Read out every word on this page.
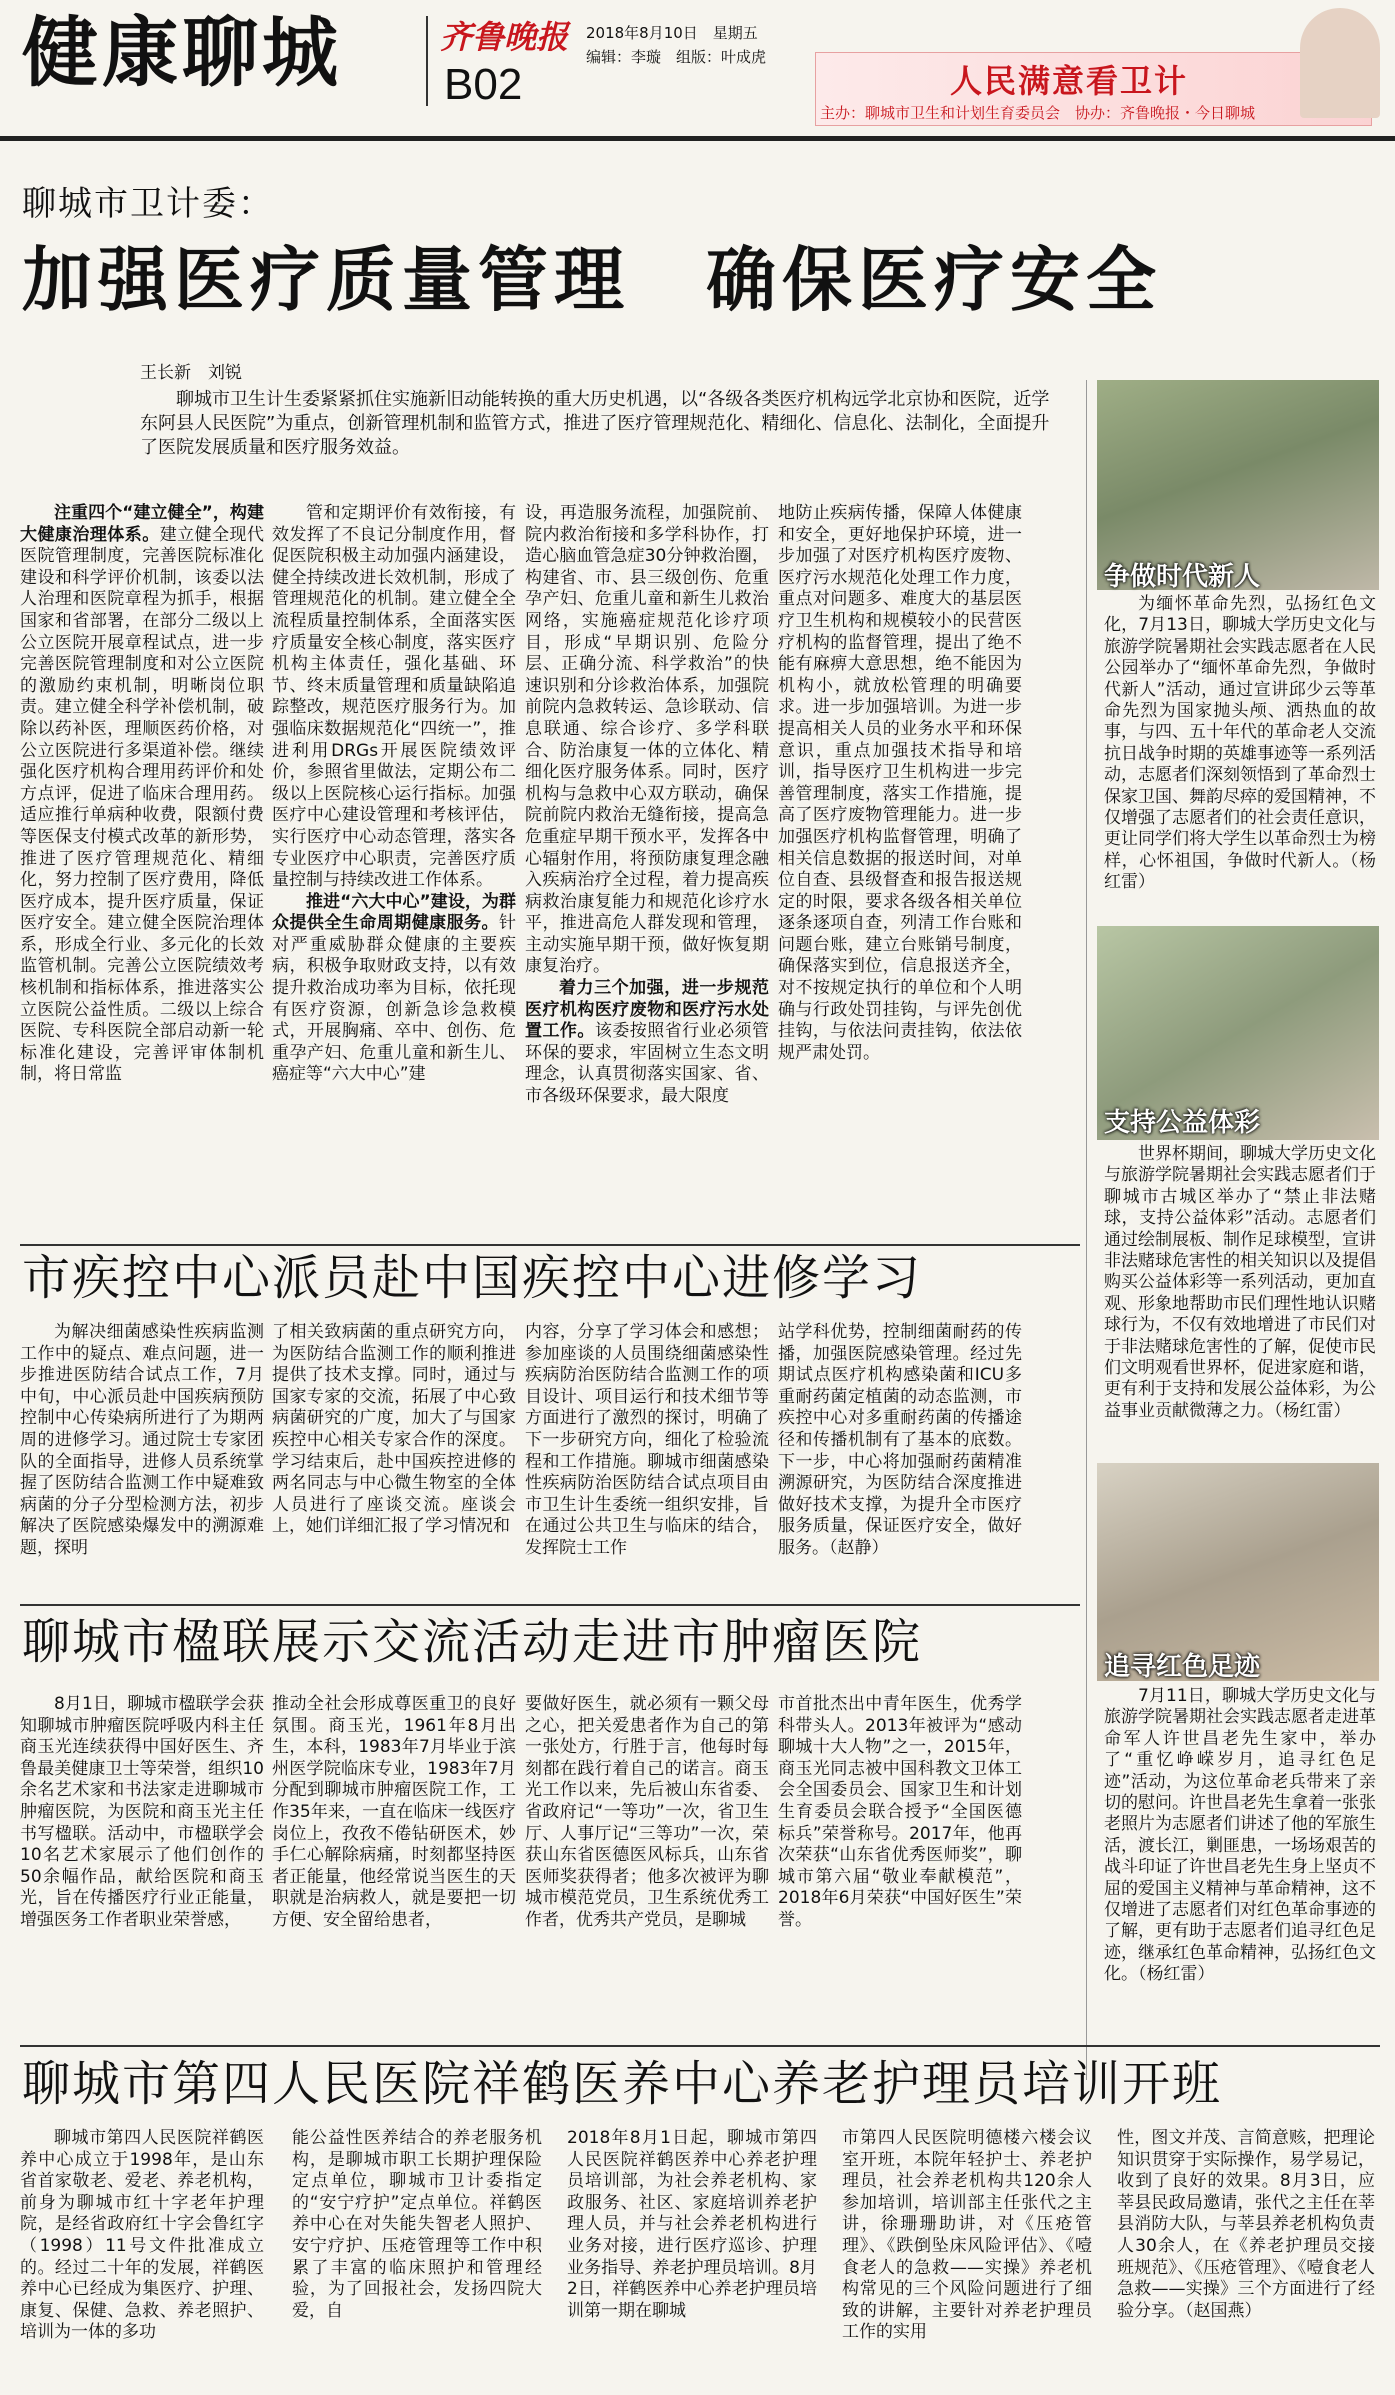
健康聊城	齐鲁晚报
B02
2018年8月10日　星期五
编辑：李璇　组版：叶成虎
人民满意看卫计
主办：聊城市卫生和计划生育委员会　协办：齐鲁晚报・今日聊城
聊城市卫计委：
加强医疗质量管理　确保医疗安全
王长新　刘锐
聊城市卫生计生委紧紧抓住实施新旧动能转换的重大历史机遇，以“各级各类医疗机构远学北京协和医院，近学东阿县人民医院”为重点，创新管理机制和监管方式，推进了医疗管理规范化、精细化、信息化、法制化，全面提升了医院发展质量和医疗服务效益。

注重四个“建立健全”，构建大健康治理体系。建立健全现代医院管理制度，完善医院标准化建设和科学评价机制，该委以法人治理和医院章程为抓手，根据国家和省部署，在部分二级以上公立医院开展章程试点，进一步完善医院管理制度和对公立医院的激励约束机制，明晰岗位职责。建立健全科学补偿机制，破除以药补医，理顺医药价格，对公立医院进行多渠道补偿。继续强化医疗机构合理用药评价和处方点评，促进了临床合理用药。适应推行单病种收费，限额付费等医保支付模式改革的新形势，推进了医疗管理规范化、精细化，努力控制了医疗费用，降低医疗成本，提升医疗质量，保证医疗安全。建立健全医院治理体系，形成全行业、多元化的长效监管机制。完善公立医院绩效考核机制和指标体系，推进落实公立医院公益性质。二级以上综合医院、专科医院全部启动新一轮标准化建设，完善评审体制机制，将日常监

管和定期评价有效衔接，有效发挥了不良记分制度作用，督促医院积极主动加强内涵建设，健全持续改进长效机制，形成了管理规范化的机制。建立健全全流程质量控制体系，全面落实医疗质量安全核心制度，落实医疗机构主体责任，强化基础、环节、终末质量管理和质量缺陷追踪整改，规范医疗服务行为。加强临床数据规范化“四统一”，推进利用DRGs开展医院绩效评价，参照省里做法，定期公布二级以上医院核心运行指标。加强医疗中心建设管理和考核评估，实行医疗中心动态管理，落实各专业医疗中心职责，完善医疗质量控制与持续改进工作体系。

推进“六大中心”建设，为群众提供全生命周期健康服务。针对严重威胁群众健康的主要疾病，积极争取财政支持，以有效提升救治成功率为目标，依托现有医疗资源，创新急诊急救模式，开展胸痛、卒中、创伤、危重孕产妇、危重儿童和新生儿、癌症等“六大中心”建

设，再造服务流程，加强院前、院内救治衔接和多学科协作，打造心脑血管急症30分钟救治圈，构建省、市、县三级创伤、危重孕产妇、危重儿童和新生儿救治网络，实施癌症规范化诊疗项目，形成“早期识别、危险分层、正确分流、科学救治”的快速识别和分诊救治体系，加强院前院内急救转运、急诊联动、信息联通、综合诊疗、多学科联合、防治康复一体的立体化、精细化医疗服务体系。同时，医疗机构与急救中心双方联动，确保院前院内救治无缝衔接，提高急危重症早期干预水平，发挥各中心辐射作用，将预防康复理念融入疾病治疗全过程，着力提高疾病救治康复能力和规范化诊疗水平，推进高危人群发现和管理，主动实施早期干预，做好恢复期康复治疗。

着力三个加强，进一步规范医疗机构医疗废物和医疗污水处置工作。该委按照省行业必须管环保的要求，牢固树立生态文明理念，认真贯彻落实国家、省、市各级环保要求，最大限度

地防止疾病传播，保障人体健康和安全，更好地保护环境，进一步加强了对医疗机构医疗废物、医疗污水规范化处理工作力度，重点对问题多、难度大的基层医疗卫生机构和规模较小的民营医疗机构的监督管理，提出了绝不能有麻痹大意思想，绝不能因为机构小，就放松管理的明确要求。进一步加强培训。为进一步提高相关人员的业务水平和环保意识，重点加强技术指导和培训，指导医疗卫生机构进一步完善管理制度，落实工作措施，提高了医疗废物管理能力。进一步加强医疗机构监督管理，明确了相关信息数据的报送时间，对单位自查、县级督查和报告报送规定的时限，要求各级各相关单位逐条逐项自查，列清工作台账和问题台账，建立台账销号制度，确保落实到位，信息报送齐全，对不按规定执行的单位和个人明确与行政处罚挂钩，与评先创优挂钩，与依法问责挂钩，依法依规严肃处罚。

争做时代新人
为缅怀革命先烈，弘扬红色文化，7月13日，聊城大学历史文化与旅游学院暑期社会实践志愿者在人民公园举办了“缅怀革命先烈，争做时代新人”活动，通过宣讲邱少云等革命先烈为国家抛头颅、洒热血的故事，与四、五十年代的革命老人交流抗日战争时期的英雄事迹等一系列活动，志愿者们深刻领悟到了革命烈士保家卫国、舞韵尽瘁的爱国精神，不仅增强了志愿者们的社会责任意识，更让同学们将大学生以革命烈士为榜样，心怀祖国，争做时代新人。（杨红雷）
支持公益体彩
世界杯期间，聊城大学历史文化与旅游学院暑期社会实践志愿者们于聊城市古城区举办了“禁止非法赌球，支持公益体彩”活动。志愿者们通过绘制展板、制作足球模型，宣讲非法赌球危害性的相关知识以及提倡购买公益体彩等一系列活动，更加直观、形象地帮助市民们理性地认识赌球行为，不仅有效地增进了市民们对于非法赌球危害性的了解，促使市民们文明观看世界杯，促进家庭和谐，更有利于支持和发展公益体彩，为公益事业贡献微薄之力。（杨红雷）
追寻红色足迹
7月11日，聊城大学历史文化与旅游学院暑期社会实践志愿者走进革命军人许世昌老先生家中，举办了“重忆峥嵘岁月，追寻红色足迹”活动，为这位革命老兵带来了亲切的慰问。许世昌老先生拿着一张张老照片为志愿者们讲述了他的军旅生活，渡长江，剿匪患，一场场艰苦的战斗印证了许世昌老先生身上坚贞不屈的爱国主义精神与革命精神，这不仅增进了志愿者们对红色革命事迹的了解，更有助于志愿者们追寻红色足迹，继承红色革命精神，弘扬红色文化。（杨红雷）
市疾控中心派员赴中国疾控中心进修学习

为解决细菌感染性疾病监测工作中的疑点、难点问题，进一步推进医防结合试点工作，7月中旬，中心派员赴中国疾病预防控制中心传染病所进行了为期两周的进修学习。通过院士专家团队的全面指导，进修人员系统掌握了医防结合监测工作中疑难致病菌的分子分型检测方法，初步解决了医院感染爆发中的溯源难题，探明

了相关致病菌的重点研究方向，为医防结合监测工作的顺利推进提供了技术支撑。同时，通过与国家专家的交流，拓展了中心致病菌研究的广度，加大了与国家疾控中心相关专家合作的深度。学习结束后，赴中国疾控进修的两名同志与中心微生物室的全体人员进行了座谈交流。座谈会上，她们详细汇报了学习情况和

内容，分享了学习体会和感想；参加座谈的人员围绕细菌感染性疾病防治医防结合监测工作的项目设计、项目运行和技术细节等方面进行了激烈的探讨，明确了下一步研究方向，细化了检验流程和工作措施。聊城市细菌感染性疾病防治医防结合试点项目由市卫生计生委统一组织安排，旨在通过公共卫生与临床的结合，发挥院士工作

站学科优势，控制细菌耐药的传播，加强医院感染管理。经过先期试点医疗机构感染菌和ICU多重耐药菌定植菌的动态监测，市疾控中心对多重耐药菌的传播途径和传播机制有了基本的底数。下一步，中心将加强耐药菌精准溯源研究，为医防结合深度推进做好技术支撑，为提升全市医疗服务质量，保证医疗安全，做好服务。（赵静）

聊城市楹联展示交流活动走进市肿瘤医院

8月1日，聊城市楹联学会获知聊城市肿瘤医院呼吸内科主任商玉光连续获得中国好医生、齐鲁最美健康卫士等荣誉，组织10余名艺术家和书法家走进聊城市肿瘤医院，为医院和商玉光主任书写楹联。活动中，市楹联学会10名艺术家展示了他们创作的50余幅作品，献给医院和商玉光，旨在传播医疗行业正能量，增强医务工作者职业荣誉感，

推动全社会形成尊医重卫的良好氛围。商玉光，1961年8月出生，本科，1983年7月毕业于滨州医学院临床专业，1983年7月分配到聊城市肿瘤医院工作，工作35年来，一直在临床一线医疗岗位上，孜孜不倦钻研医术，妙手仁心解除病痛，时刻都坚持医者正能量，他经常说当医生的天职就是治病救人，就是要把一切方便、安全留给患者，

要做好医生，就必须有一颗父母之心，把关爱患者作为自己的第一张处方，行胜于言，他每时每刻都在践行着自己的诺言。商玉光工作以来，先后被山东省委、省政府记“一等功”一次，省卫生厅、人事厅记“三等功”一次，荣获山东省医德医风标兵，山东省医师奖获得者；他多次被评为聊城市模范党员，卫生系统优秀工作者，优秀共产党员，是聊城

市首批杰出中青年医生，优秀学科带头人。2013年被评为“感动聊城十大人物”之一，2015年，商玉光同志被中国科教文卫体工会全国委员会、国家卫生和计划生育委员会联合授予“全国医德标兵”荣誉称号。2017年，他再次荣获“山东省优秀医师奖”，聊城市第六届“敬业奉献模范”，2018年6月荣获“中国好医生”荣誉。

聊城市第四人民医院祥鹤医养中心养老护理员培训开班

聊城市第四人民医院祥鹤医养中心成立于1998年，是山东省首家敬老、爱老、养老机构，前身为聊城市红十字老年护理院，是经省政府红十字会鲁红字（1998）11号文件批准成立的。经过二十年的发展，祥鹤医养中心已经成为集医疗、护理、康复、保健、急救、养老照护、培训为一体的多功

能公益性医养结合的养老服务机构，是聊城市职工长期护理保险定点单位，聊城市卫计委指定的“安宁疗护”定点单位。祥鹤医养中心在对失能失智老人照护、安宁疗护、压疮管理等工作中积累了丰富的临床照护和管理经验，为了回报社会，发扬四院大爱，自

2018年8月1日起，聊城市第四人民医院祥鹤医养中心养老护理员培训部，为社会养老机构、家政服务、社区、家庭培训养老护理人员，并与社会养老机构进行业务对接，进行医疗巡诊、护理业务指导、养老护理员培训。8月2日，祥鹤医养中心养老护理员培训第一期在聊城

市第四人民医院明德楼六楼会议室开班，本院年轻护士、养老护理员，社会养老机构共120余人参加培训，培训部主任张代之主讲，徐珊珊助讲，对《压疮管理》、《跌倒坠床风险评估》、《噎食老人的急救——实操》养老机构常见的三个风险问题进行了细致的讲解，主要针对养老护理员工作的实用

性，图文并茂、言简意赅，把理论知识贯穿于实际操作，易学易记，收到了良好的效果。8月3日，应莘县民政局邀请，张代之主任在莘县消防大队，与莘县养老机构负责人30余人，在《养老护理员交接班规范》、《压疮管理》、《噎食老人急救——实操》三个方面进行了经验分享。（赵国燕）
